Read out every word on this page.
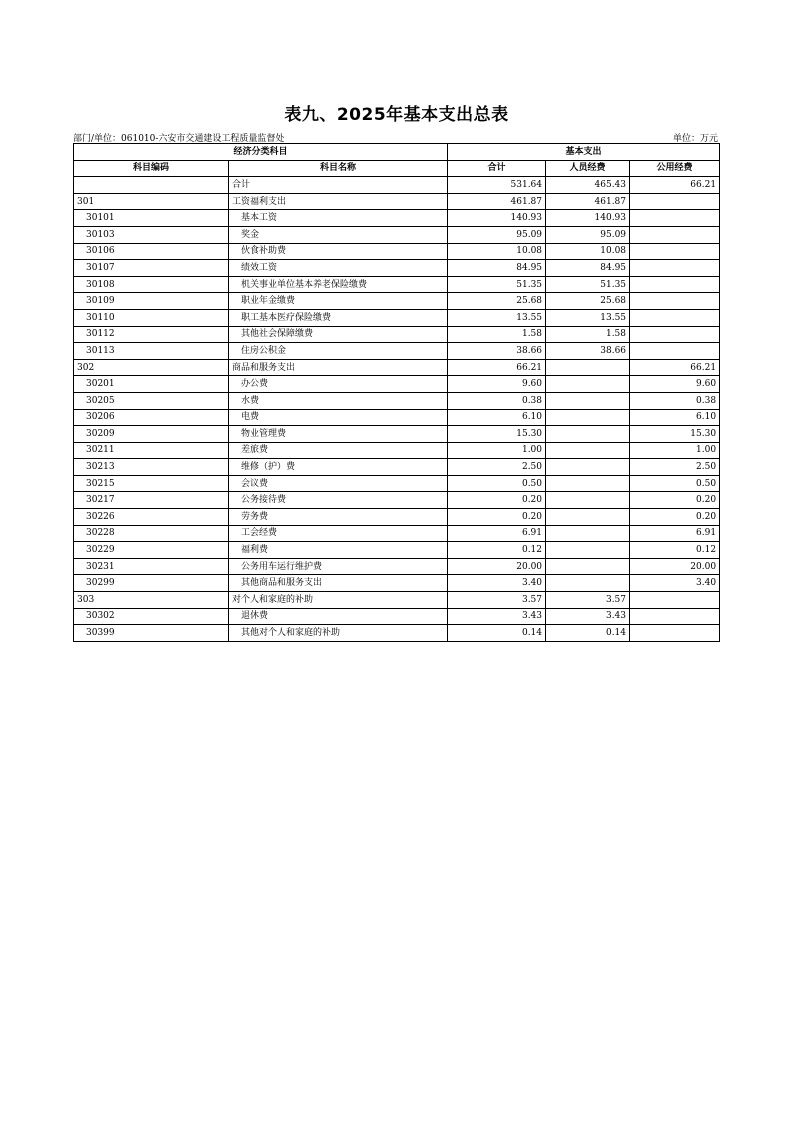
表九、2025年基本支出总表
部门/单位：061010-六安市交通建设工程质量监督处	单位：万元
经济分类科目		基本支出		
科目编码	科目名称	合计	人员经费	公用经费
	合计	531.64	465.43	66.21
301	工资福利支出	461.87	461.87	
30101	基本工资	140.93	140.93	
30103	奖金	95.09	95.09	
30106	伙食补助费	10.08	10.08	
30107	绩效工资	84.95	84.95	
30108	机关事业单位基本养老保险缴费	51.35	51.35	
30109	职业年金缴费	25.68	25.68	
30110	职工基本医疗保险缴费	13.55	13.55	
30112	其他社会保障缴费	1.58	1.58	
30113	住房公积金	38.66	38.66	
302	商品和服务支出	66.21		66.21
30201	办公费	9.60		9.60
30205	水费	0.38		0.38
30206	电费	6.10		6.10
30209	物业管理费	15.30		15.30
30211	差旅费	1.00		1.00
30213	维修（护）费	2.50		2.50
30215	会议费	0.50		0.50
30217	公务接待费	0.20		0.20
30226	劳务费	0.20		0.20
30228	工会经费	6.91		6.91
30229	福利费	0.12		0.12
30231	公务用车运行维护费	20.00		20.00
30299	其他商品和服务支出	3.40		3.40
303	对个人和家庭的补助	3.57	3.57	
30302	退休费	3.43	3.43	
30399	其他对个人和家庭的补助	0.14	0.14	
